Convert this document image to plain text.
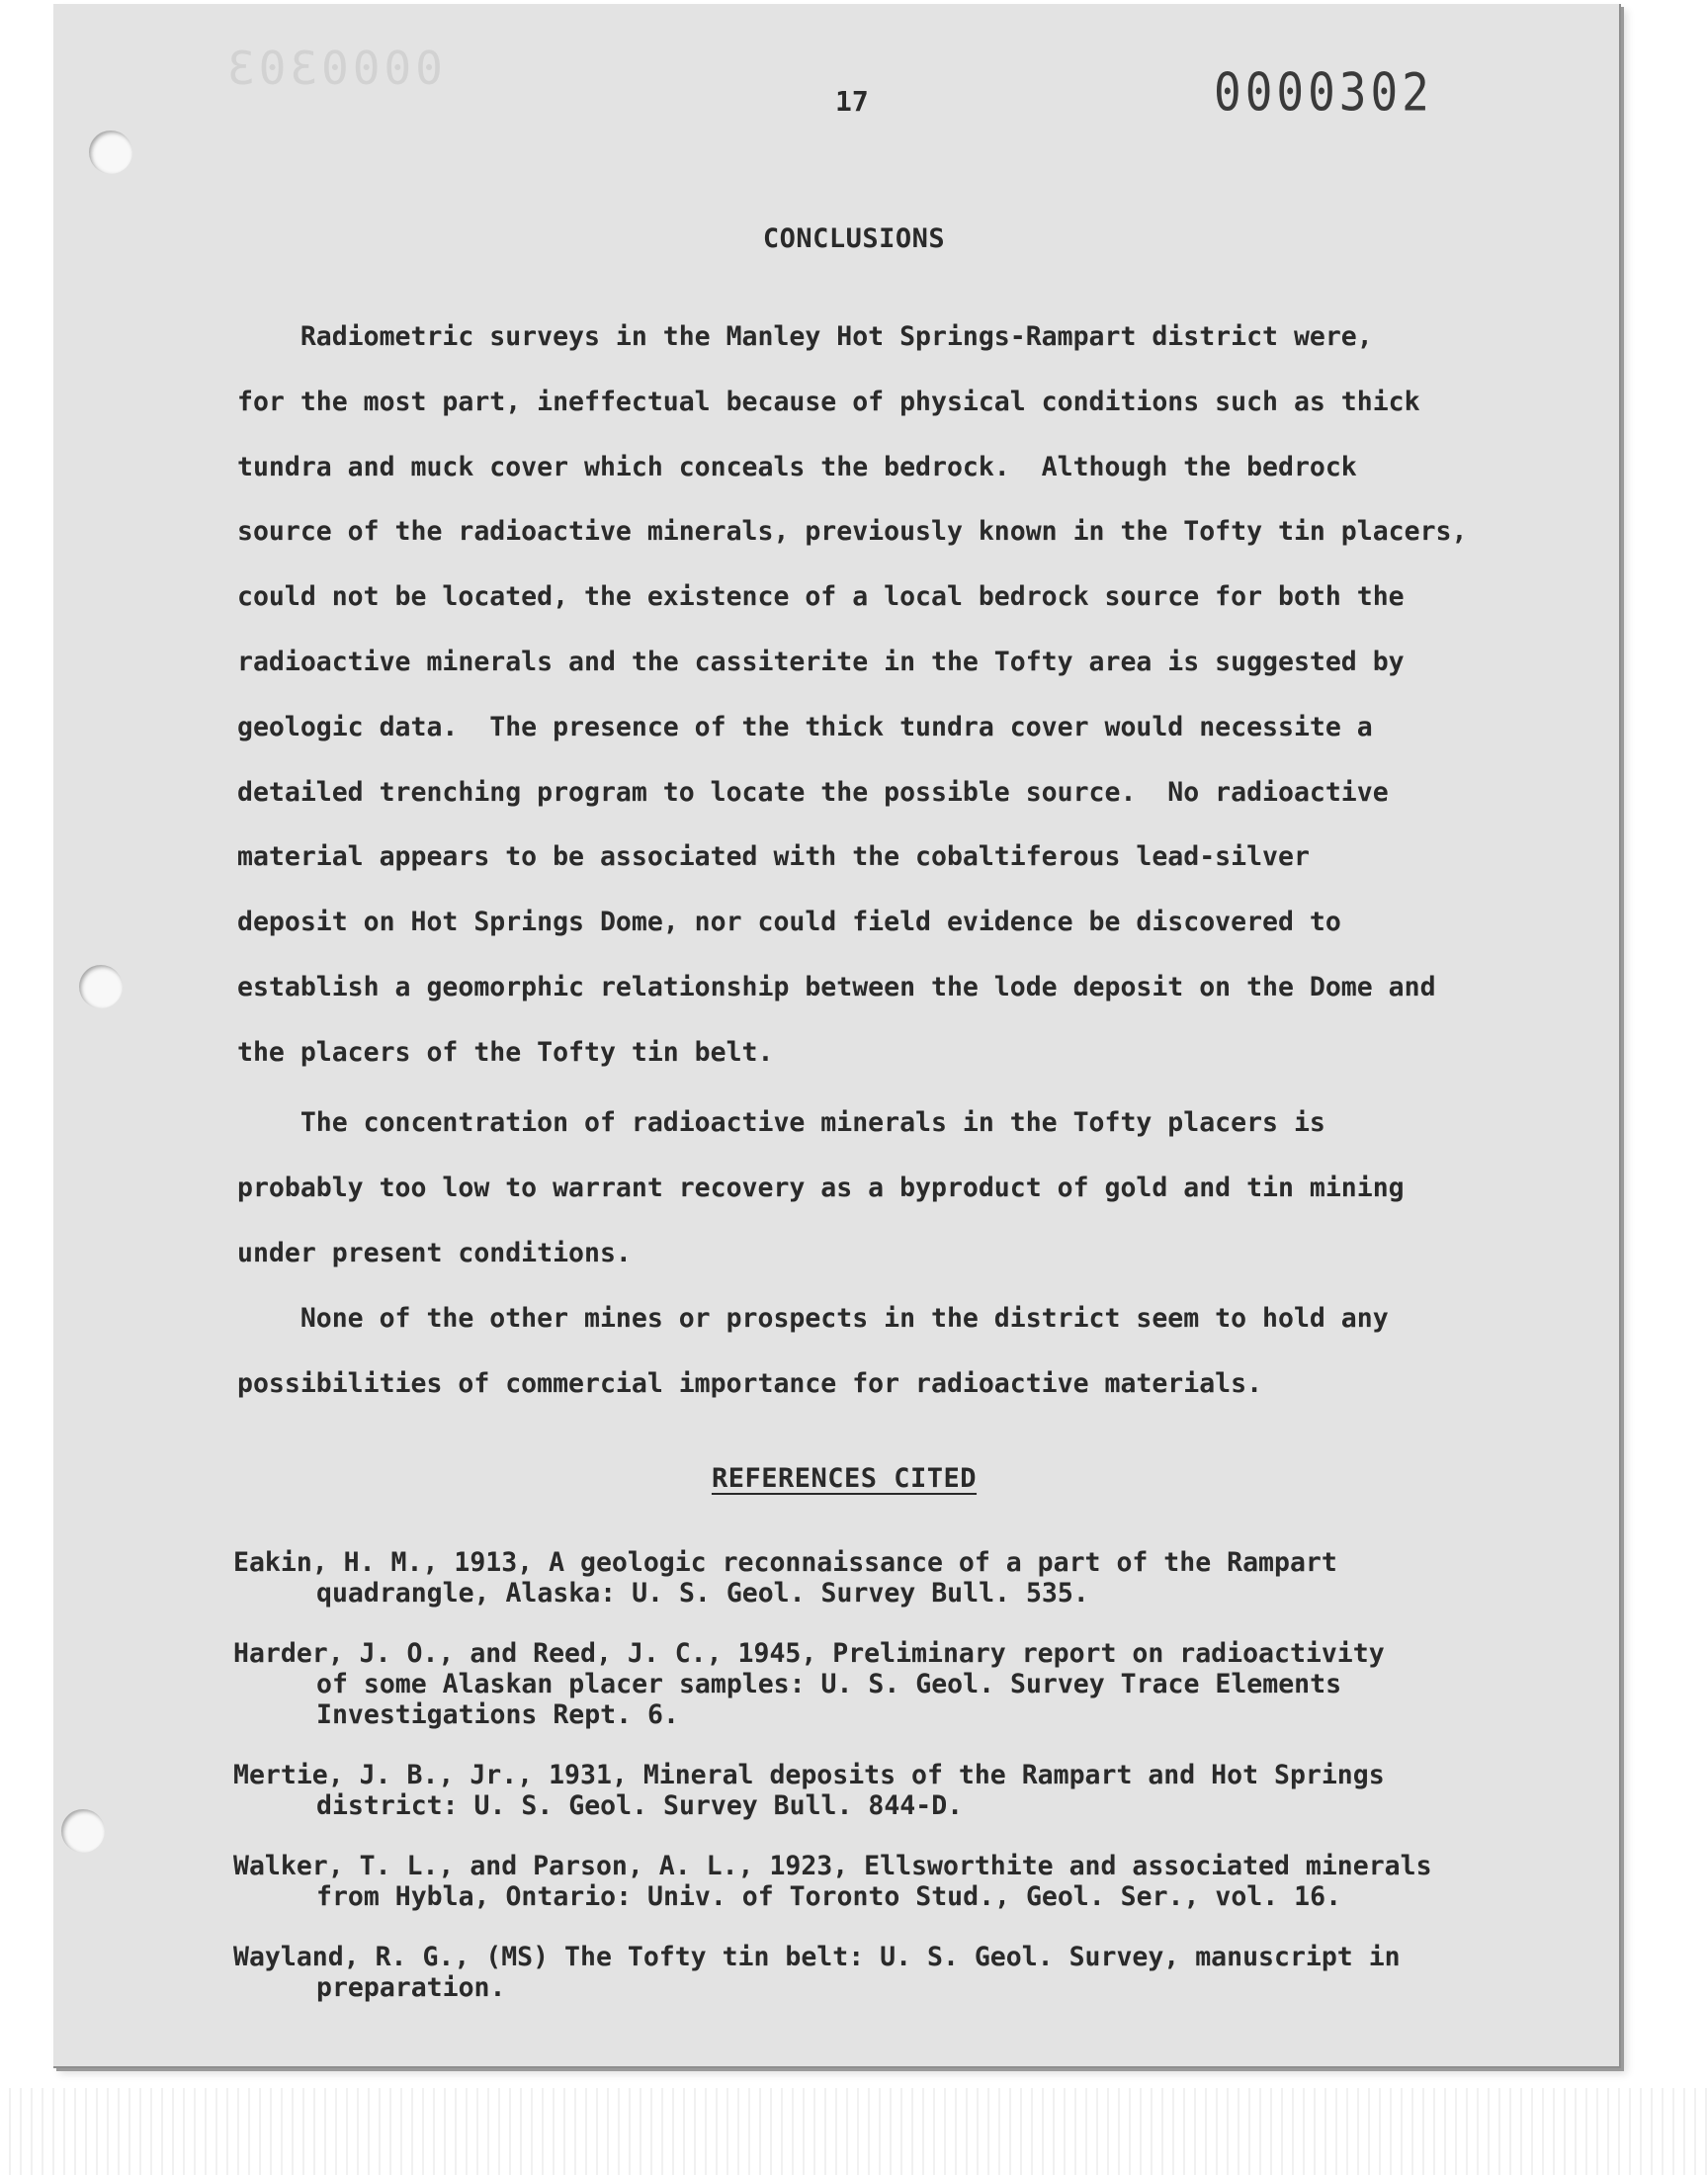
0000303	0000302
17
CONCLUSIONS
Radiometric surveys in the Manley Hot Springs-Rampart district were,
for the most part, ineffectual because of physical conditions such as thick
tundra and muck cover which conceals the bedrock.  Although the bedrock
source of the radioactive minerals, previously known in the Tofty tin placers,
could not be located, the existence of a local bedrock source for both the
radioactive minerals and the cassiterite in the Tofty area is suggested by
geologic data.  The presence of the thick tundra cover would necessite a
detailed trenching program to locate the possible source.  No radioactive
material appears to be associated with the cobaltiferous lead-silver
deposit on Hot Springs Dome, nor could field evidence be discovered to
establish a geomorphic relationship between the lode deposit on the Dome and
the placers of the Tofty tin belt.
The concentration of radioactive minerals in the Tofty placers is
probably too low to warrant recovery as a byproduct of gold and tin mining
under present conditions.
None of the other mines or prospects in the district seem to hold any
possibilities of commercial importance for radioactive materials.
REFERENCES CITED
Eakin, H. M., 1913, A geologic reconnaissance of a part of the Rampart
quadrangle, Alaska: U. S. Geol. Survey Bull. 535.
Harder, J. O., and Reed, J. C., 1945, Preliminary report on radioactivity
of some Alaskan placer samples: U. S. Geol. Survey Trace Elements
Investigations Rept. 6.
Mertie, J. B., Jr., 1931, Mineral deposits of the Rampart and Hot Springs
district: U. S. Geol. Survey Bull. 844-D.
Walker, T. L., and Parson, A. L., 1923, Ellsworthite and associated minerals
from Hybla, Ontario: Univ. of Toronto Stud., Geol. Ser., vol. 16.
Wayland, R. G., (MS) The Tofty tin belt: U. S. Geol. Survey, manuscript in
preparation.
